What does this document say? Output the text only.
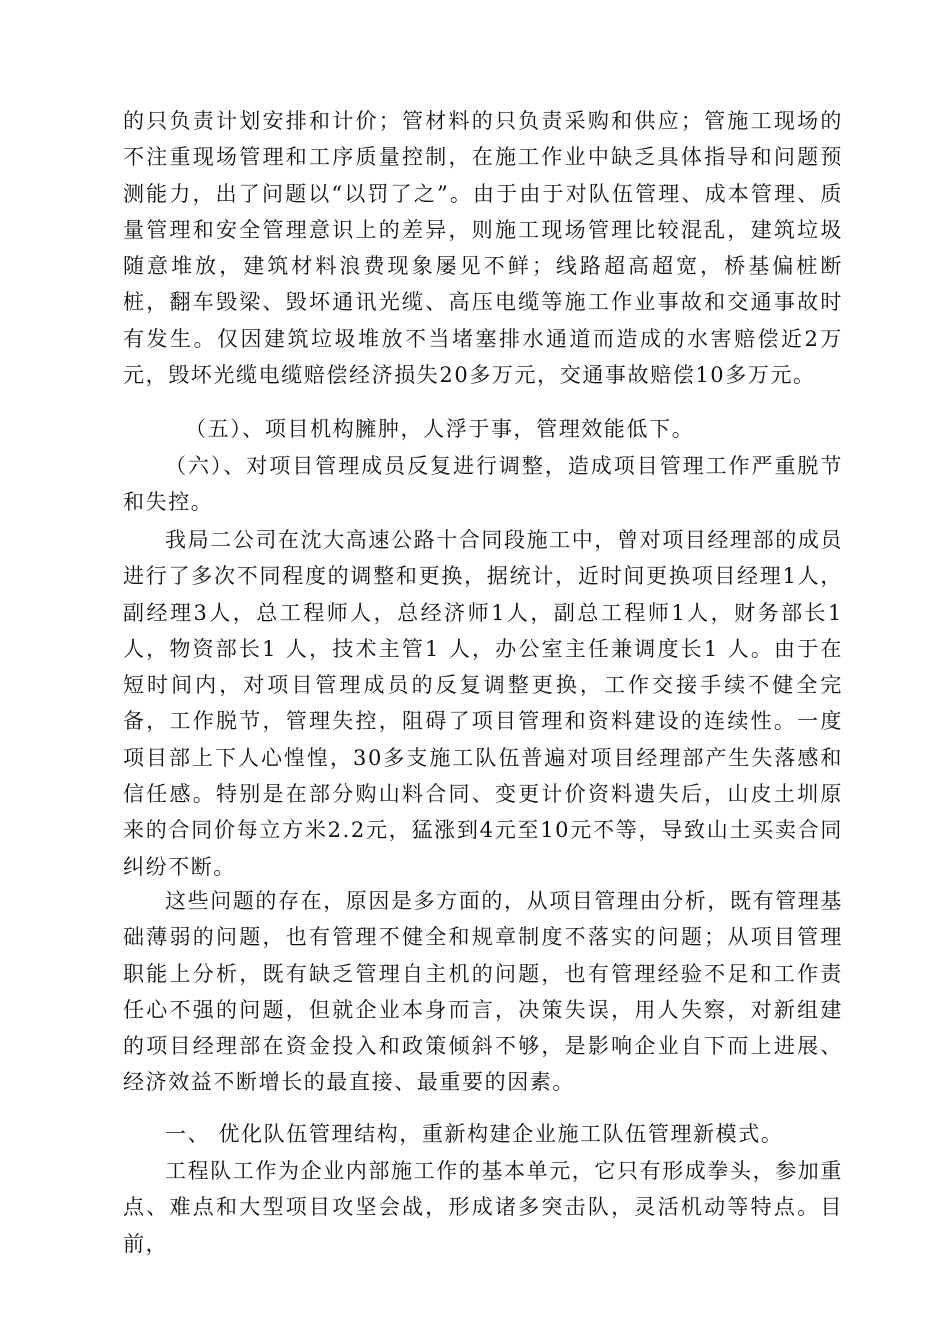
的只负责计划安排和计价；管材料的只负责采购和供应；管施工现场的不注重现场管理和工序质量控制，在施工作业中缺乏具体指导和问题预测能力，出了问题以“以罚了之”。由于由于对队伍管理、成本管理、质量管理和安全管理意识上的差异，则施工现场管理比较混乱，建筑垃圾随意堆放，建筑材料浪费现象屡见不鲜；线路超高超宽，桥基偏桩断桩，翻车毁梁、毁坏通讯光缆、高压电缆等施工作业事故和交通事故时有发生。仅因建筑垃圾堆放不当堵塞排水通道而造成的水害赔偿近2万元，毁坏光缆电缆赔偿经济损失20多万元，交通事故赔偿10多万元。

（五）、项目机构臃肿，人浮于事，管理效能低下。

（六）、对项目管理成员反复进行调整，造成项目管理工作严重脱节和失控。

我局二公司在沈大高速公路十合同段施工中，曾对项目经理部的成员进行了多次不同程度的调整和更换，据统计，近时间更换项目经理1人，副经理3人，总工程师人，总经济师1人，副总工程师1人，财务部长1人，物资部长1 人，技术主管1 人，办公室主任兼调度长1 人。由于在短时间内，对项目管理成员的反复调整更换，工作交接手续不健全完备，工作脱节，管理失控，阻碍了项目管理和资料建设的连续性。一度项目部上下人心惶惶，30多支施工队伍普遍对项目经理部产生失落感和信任感。特别是在部分购山料合同、变更计价资料遗失后，山皮土圳原来的合同价每立方米2.2元，猛涨到4元至10元不等，导致山土买卖合同纠纷不断。

这些问题的存在，原因是多方面的，从项目管理由分析，既有管理基础薄弱的问题，也有管理不健全和规章制度不落实的问题；从项目管理职能上分析，既有缺乏管理自主机的问题，也有管理经验不足和工作责任心不强的问题，但就企业本身而言，决策失误，用人失察，对新组建的项目经理部在资金投入和政策倾斜不够，是影响企业自下而上进展、经济效益不断增长的最直接、最重要的因素。

一、 优化队伍管理结构，重新构建企业施工队伍管理新模式。

工程队工作为企业内部施工作的基本单元，它只有形成拳头，参加重点、难点和大型项目攻坚会战，形成诸多突击队，灵活机动等特点。目前，
